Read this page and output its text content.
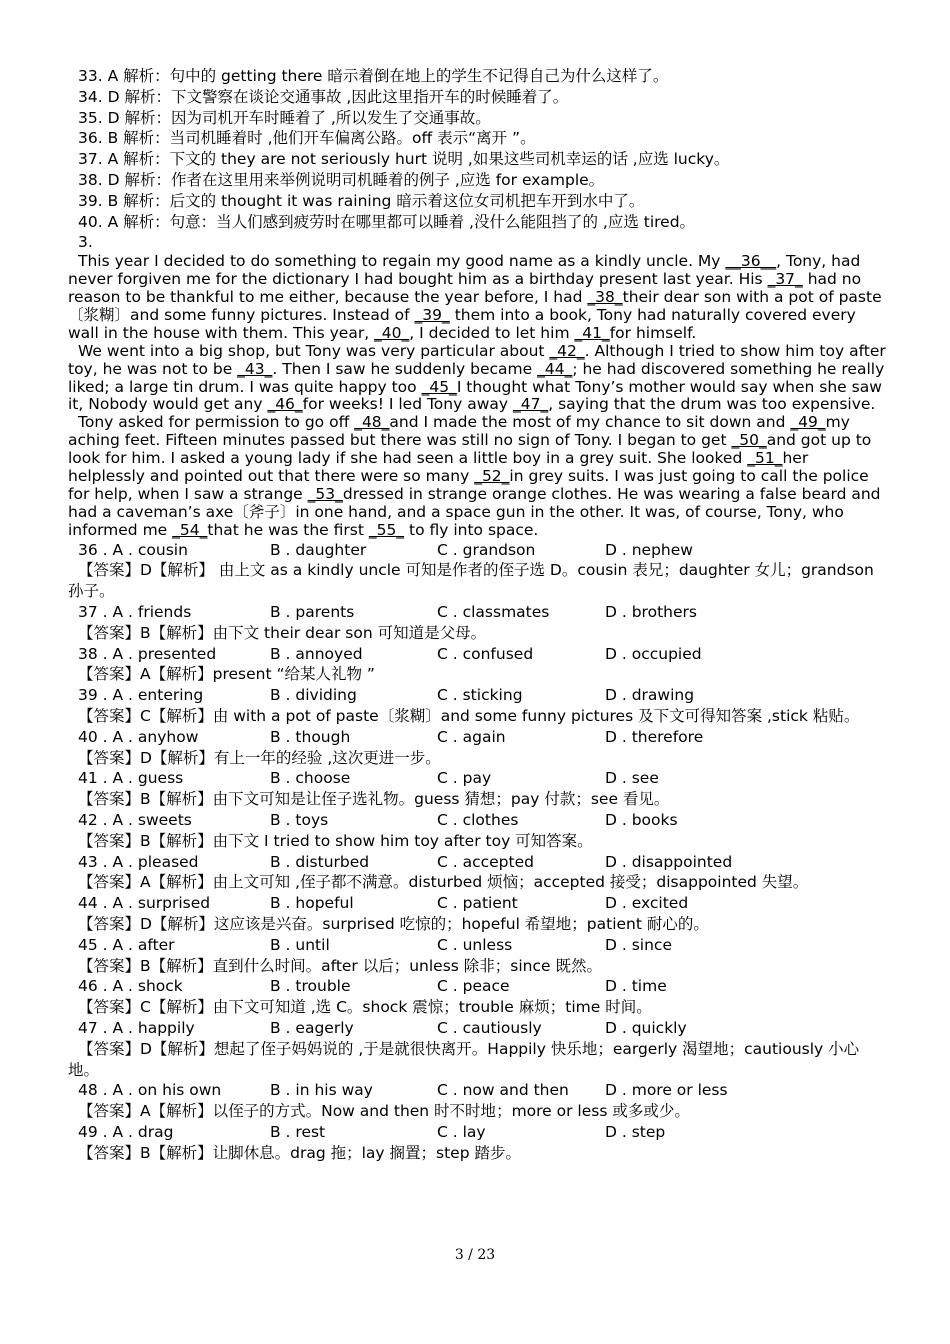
33. A 解析：句中的 getting there 暗示着倒在地上的学生不记得自己为什么这样了。
34. D 解析：下文警察在谈论交通事故 ,因此这里指开车的时候睡着了。
35. D 解析：因为司机开车时睡着了 ,所以发生了交通事故。
36. B 解析：当司机睡着时 ,他们开车偏离公路。off 表示“离开 ”。
37. A 解析：下文的 they are not seriously hurt 说明 ,如果这些司机幸运的话 ,应选 lucky。
38. D 解析：作者在这里用来举例说明司机睡着的例子 ,应选 for example。
39. B 解析：后文的 thought it was raining 暗示着这位女司机把车开到水中了。
40. A 解析：句意：当人们感到疲劳时在哪里都可以睡着 ,没什么能阻挡了的 ,应选 tired。
3.

This year I decided to do something to regain my good name as a kindly uncle. My __36__, Tony, had never forgiven me for the dictionary I had bought him as a birthday present last year. His _37_ had no reason to be thankful to me either, because the year before, I had _38_their dear son with a pot of paste〔浆糊〕and some funny pictures. Instead of _39_ them into a book, Tony had naturally covered every wall in the house with them. This year, _40_, I decided to let him _41_for himself.

We went into a big shop, but Tony was very particular about _42_. Although I tried to show him toy after toy, he was not to be _43_. Then I saw he suddenly became _44_; he had discovered something he really liked; a large tin drum. I was quite happy too _45_I thought what Tony’s mother would say when she saw it, Nobody would get any _46_for weeks! I led Tony away _47_, saying that the drum was too expensive.

Tony asked for permission to go off _48_and I made the most of my chance to sit down and _49_my aching feet. Fifteen minutes passed but there was still no sign of Tony. I began to get _50_and got up to look for him. I asked a young lady if she had seen a little boy in a grey suit. She looked _51_her helplessly and pointed out that there were so many _52_in grey suits. I was just going to call the police for help, when I saw a strange _53_dressed in strange orange clothes. He was wearing a false beard and had a caveman’s axe〔斧子〕in one hand, and a space gun in the other. It was, of course, Tony, who informed me _54_that he was the first _55_ to fly into space.

36 . A . cousin	B . daughter	C . grandson	D . nephew
【答案】D【解析】 由上文 as a kindly uncle 可知是作者的侄子选 D。cousin 表兄；daughter 女儿；grandson 孙子。
37 . A . friends	B . parents	C . classmates	D . brothers
【答案】B【解析】由下文 their dear son 可知道是父母。
38 . A . presented	B . annoyed	C . confused	D . occupied
【答案】A【解析】present “给某人礼物 ”
39 . A . entering	B . dividing	C . sticking	D . drawing
【答案】C【解析】由 with a pot of paste〔浆糊〕and some funny pictures 及下文可得知答案 ,stick 粘贴。
40 . A . anyhow	B . though	C . again	D . therefore
【答案】D【解析】有上一年的经验 ,这次更进一步。
41 . A . guess	B . choose	C . pay	D . see
【答案】B【解析】由下文可知是让侄子选礼物。guess 猜想；pay 付款；see 看见。
42 . A . sweets	B . toys	C . clothes	D . books
【答案】B【解析】由下文 I tried to show him toy after toy 可知答案。
43 . A . pleased	B . disturbed	C . accepted	D . disappointed
【答案】A【解析】由上文可知 ,侄子都不满意。disturbed 烦恼；accepted 接受；disappointed 失望。
44 . A . surprised	B . hopeful	C . patient	D . excited
【答案】D【解析】这应该是兴奋。surprised 吃惊的；hopeful 希望地；patient 耐心的。
45 . A . after	B . until	C . unless	D . since
【答案】B【解析】直到什么时间。after 以后；unless 除非；since 既然。
46 . A . shock	B . trouble	C . peace	D . time
【答案】C【解析】由下文可知道 ,选 C。shock 震惊；trouble 麻烦；time 时间。
47 . A . happily	B . eagerly	C . cautiously	D . quickly
【答案】D【解析】想起了侄子妈妈说的 ,于是就很快离开。Happily 快乐地；eargerly 渴望地；cautiously 小心地。
48 . A . on his own	B . in his way	C . now and then	D . more or less
【答案】A【解析】以侄子的方式。Now and then 时不时地；more or less 或多或少。
49 . A . drag	B . rest	C . lay	D . step
【答案】B【解析】让脚休息。drag 拖；lay 搁置；step 踏步。
3 / 23
